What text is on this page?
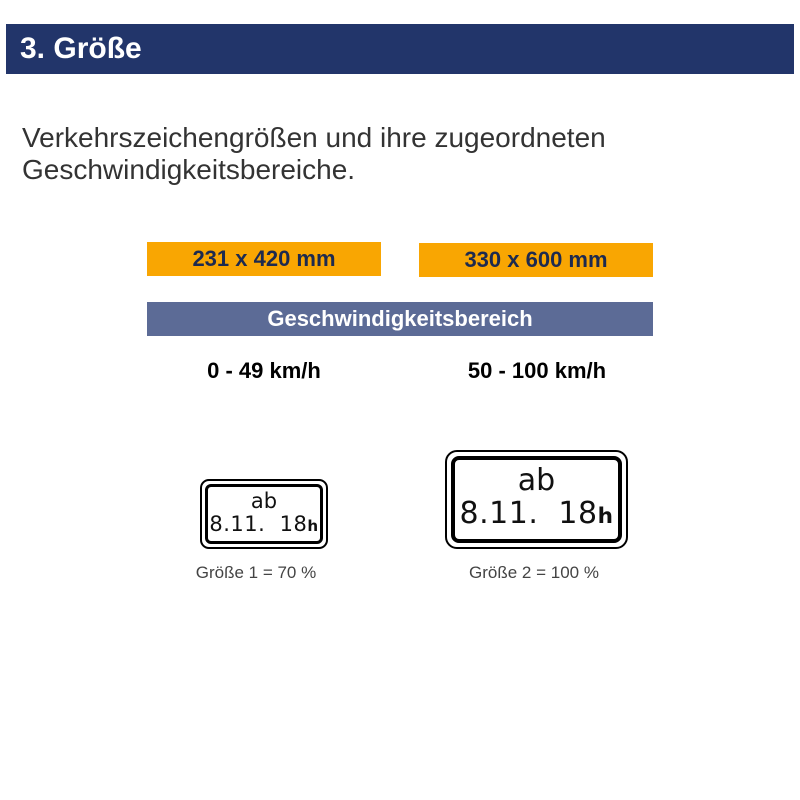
3. Größe
Verkehrszeichengrößen und ihre zugeordneten Geschwindigkeitsbereiche.
231 x 420 mm	330 x 600 mm
Geschwindigkeitsbereich
0 - 49 km/h	50 - 100 km/h
ab
8.11.  18h
Größe 1 = 70 %
ab
8.11.  18h
Größe 2 = 100 %
